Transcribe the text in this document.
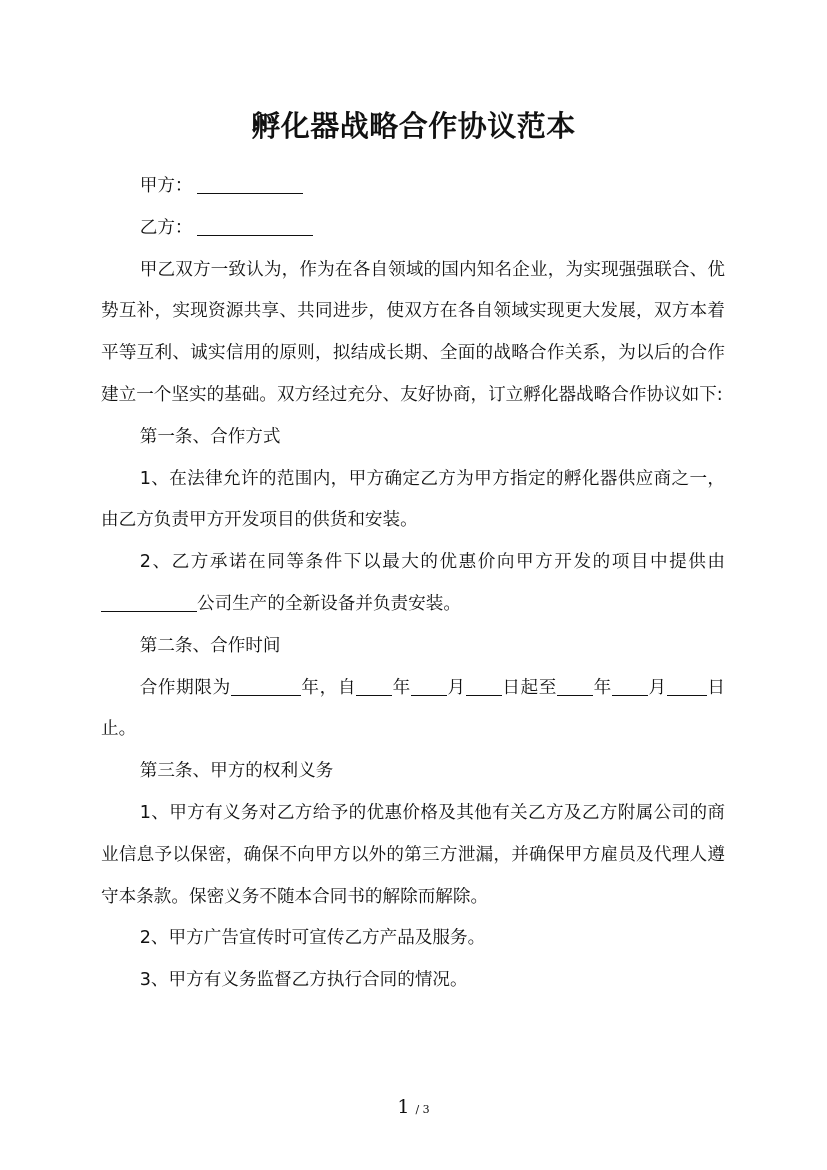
孵化器战略合作协议范本

甲方：

乙方：

甲乙双方一致认为，作为在各自领域的国内知名企业，为实现强强联合、优势互补，实现资源共享、共同进步，使双方在各自领域实现更大发展，双方本着平等互利、诚实信用的原则，拟结成长期、全面的战略合作关系，为以后的合作建立一个坚实的基础。双方经过充分、友好协商，订立孵化器战略合作协议如下:

第一条、合作方式

1、在法律允许的范围内，甲方确定乙方为甲方指定的孵化器供应商之一，由乙方负责甲方开发项目的供货和安装。

2、乙方承诺在同等条件下以最大的优惠价向甲方开发的项目中提供由公司生产的全新设备并负责安装。

第二条、合作时间

合作期限为	年，自 年 月 日起至 年 月 日止。

第三条、甲方的权利义务

1、甲方有义务对乙方给予的优惠价格及其他有关乙方及乙方附属公司的商业信息予以保密，确保不向甲方以外的第三方泄漏，并确保甲方雇员及代理人遵守本条款。保密义务不随本合同书的解除而解除。

2、甲方广告宣传时可宣传乙方产品及服务。

3、甲方有义务监督乙方执行合同的情况。

1 / 3
